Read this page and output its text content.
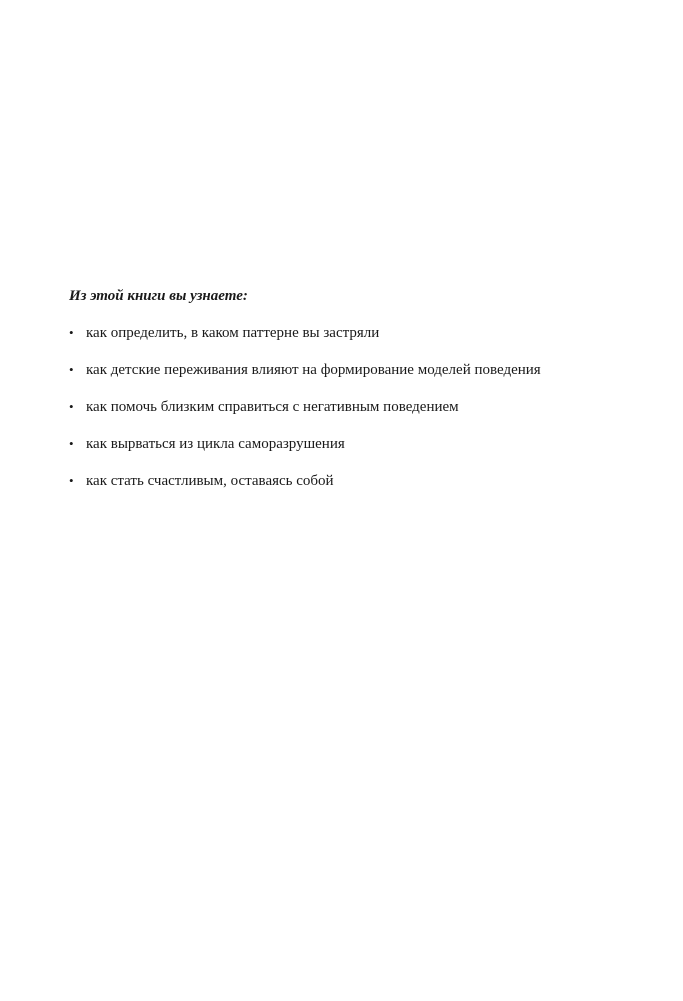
Из этой книги вы узнаете:

• как определить, в каком паттерне вы застряли
• как детские переживания влияют на формирование моделей поведения
• как помочь близким справиться с негативным поведением
• как вырваться из цикла саморазрушения
• как стать счастливым, оставаясь собой
